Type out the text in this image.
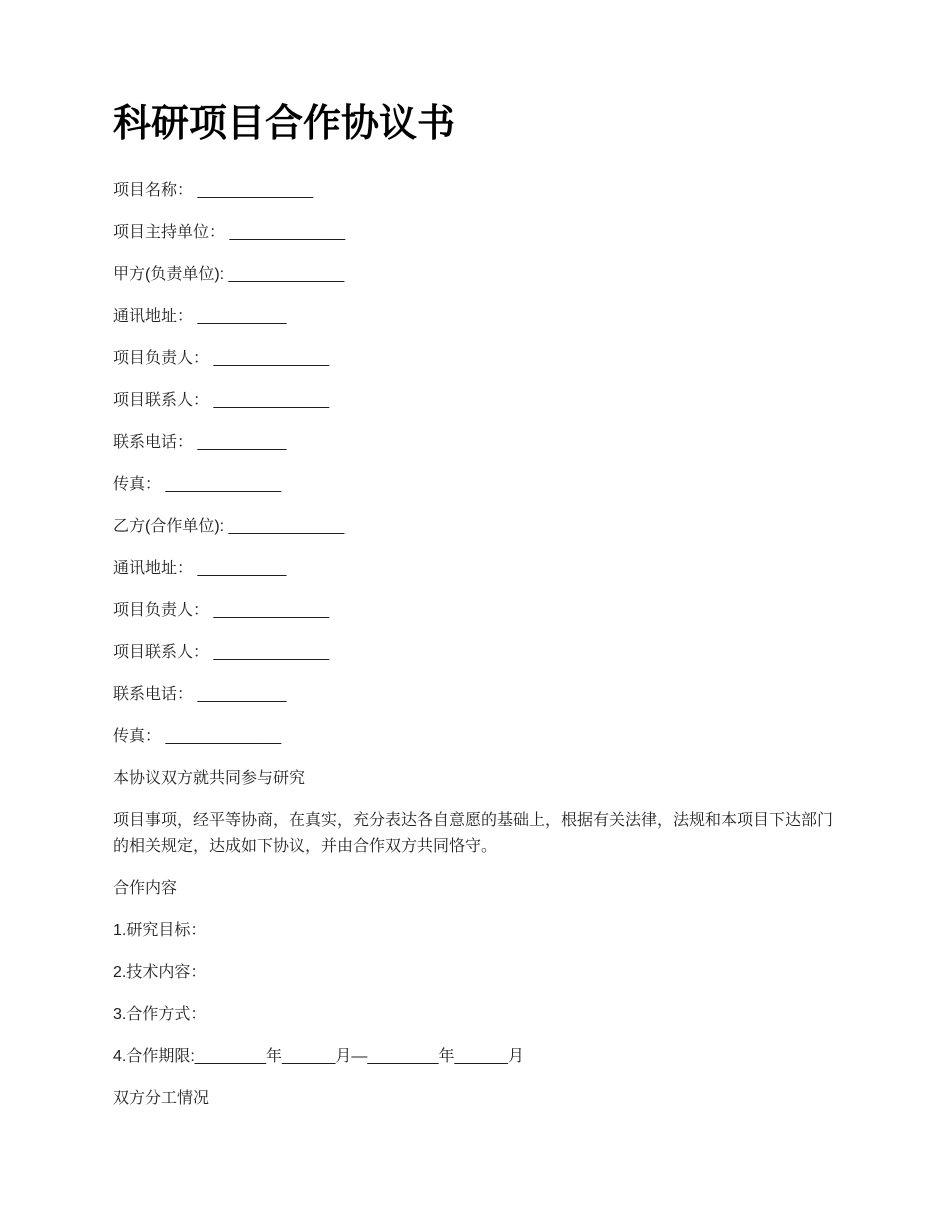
科研项目合作协议书

项目名称： _____________

项目主持单位： _____________

甲方(负责单位): _____________

通讯地址： __________

项目负责人： _____________

项目联系人： _____________

联系电话： __________

传真： _____________

乙方(合作单位): _____________

通讯地址： __________

项目负责人： _____________

项目联系人： _____________

联系电话： __________

传真： _____________

本协议双方就共同参与研究

项目事项，经平等协商，在真实，充分表达各自意愿的基础上，根据有关法律，法规和本项目下达部门的相关规定，达成如下协议，并由合作双方共同恪守。

合作内容

1.研究目标：

2.技术内容：

3.合作方式：

4.合作期限:________年______月—________年______月

双方分工情况
